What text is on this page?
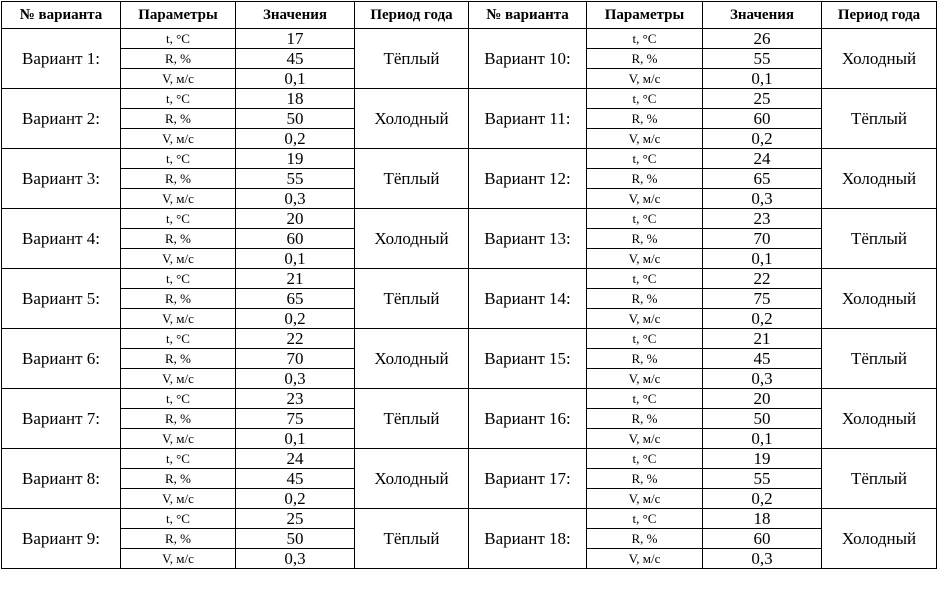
№ варианта	Параметры	Значения	Период года	№ варианта	Параметры	Значения	Период года
Вариант 1:	t, °C	17	Тёплый	Вариант 10:	t, °C	26	Холодный
	R, %	45			R, %	55	
	V, м/с	0,1			V, м/с	0,1	
Вариант 2:	t, °C	18	Холодный	Вариант 11:	t, °C	25	Тёплый
	R, %	50			R, %	60	
	V, м/с	0,2			V, м/с	0,2	
Вариант 3:	t, °C	19	Тёплый	Вариант 12:	t, °C	24	Холодный
	R, %	55			R, %	65	
	V, м/с	0,3			V, м/с	0,3	
Вариант 4:	t, °C	20	Холодный	Вариант 13:	t, °C	23	Тёплый
	R, %	60			R, %	70	
	V, м/с	0,1			V, м/с	0,1	
Вариант 5:	t, °C	21	Тёплый	Вариант 14:	t, °C	22	Холодный
	R, %	65			R, %	75	
	V, м/с	0,2			V, м/с	0,2	
Вариант 6:	t, °C	22	Холодный	Вариант 15:	t, °C	21	Тёплый
	R, %	70			R, %	45	
	V, м/с	0,3			V, м/с	0,3	
Вариант 7:	t, °C	23	Тёплый	Вариант 16:	t, °C	20	Холодный
	R, %	75			R, %	50	
	V, м/с	0,1			V, м/с	0,1	
Вариант 8:	t, °C	24	Холодный	Вариант 17:	t, °C	19	Тёплый
	R, %	45			R, %	55	
	V, м/с	0,2			V, м/с	0,2	
Вариант 9:	t, °C	25	Тёплый	Вариант 18:	t, °C	18	Холодный
	R, %	50			R, %	60	
	V, м/с	0,3			V, м/с	0,3	
